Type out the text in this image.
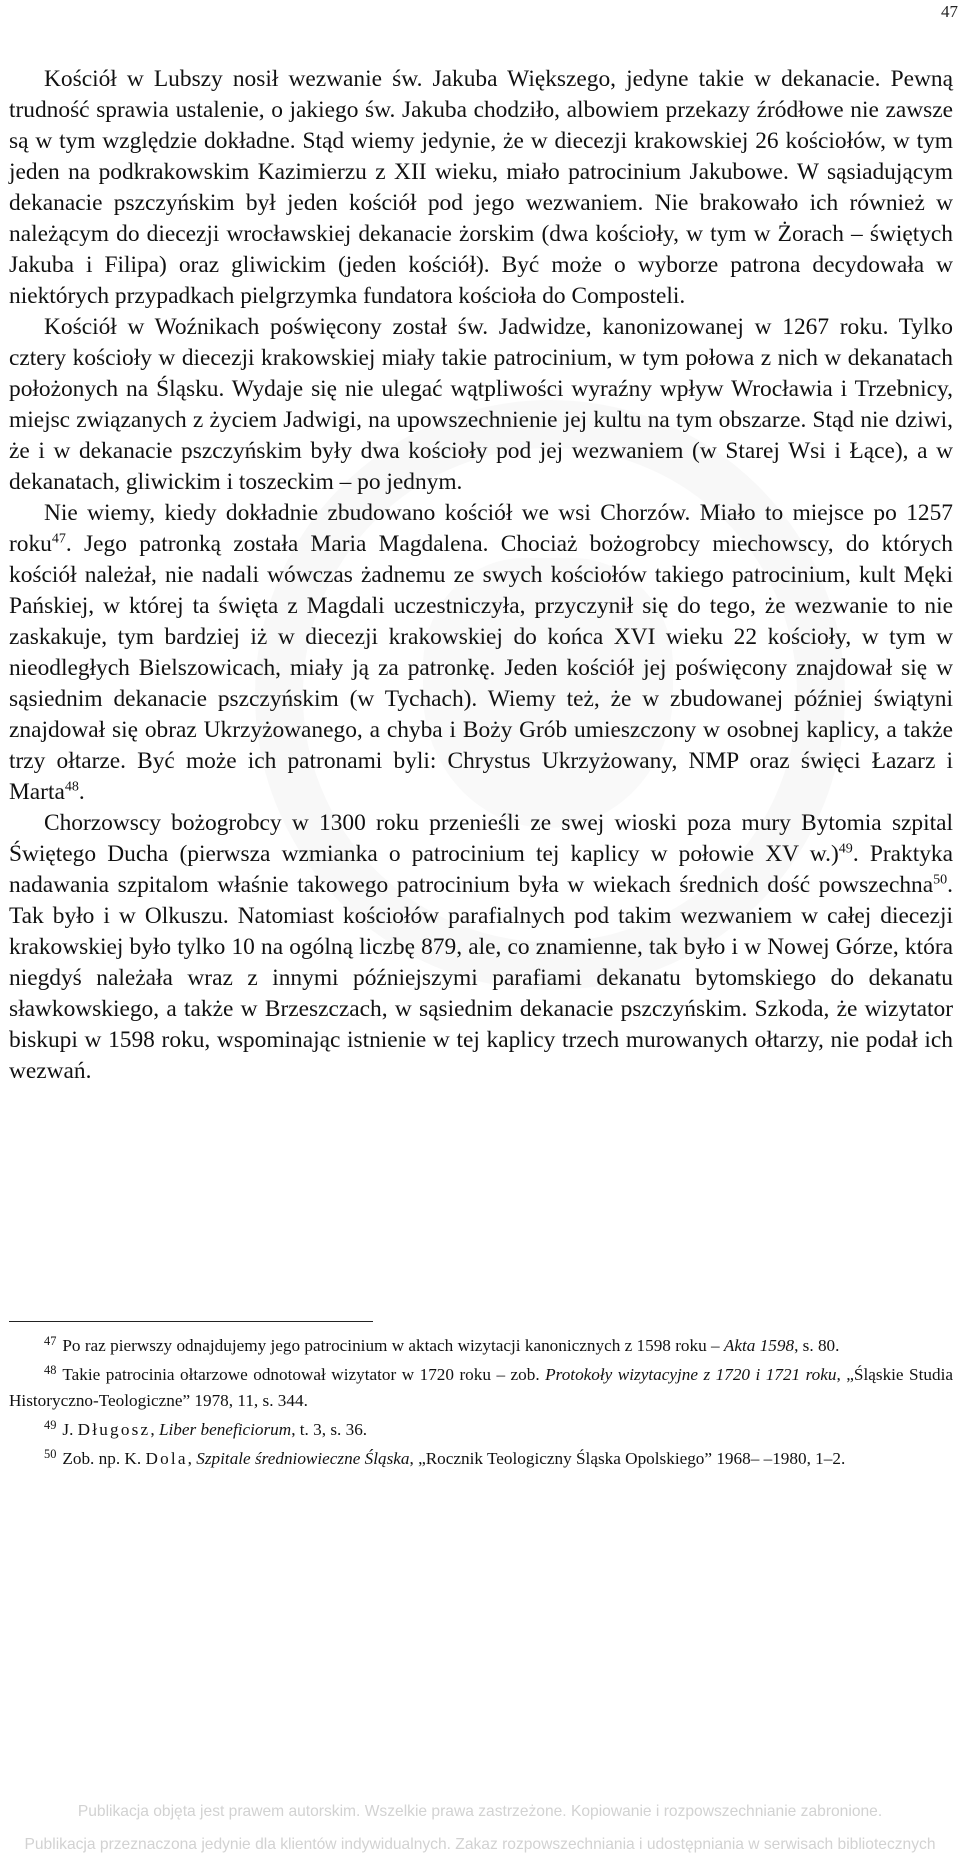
47

Kościół w Lubszy nosił wezwanie św. Jakuba Większego, jedyne takie w dekanacie. Pewną trudność sprawia ustalenie, o jakiego św. Jakuba chodziło, albowiem przekazy źródłowe nie zawsze są w tym względzie dokładne. Stąd wiemy jedynie, że w diecezji krakowskiej 26 kościołów, w tym jeden na podkrakowskim Kazimierzu z XII wieku, miało patrocinium Jakubowe. W sąsiadującym dekanacie pszczyńskim był jeden kościół pod jego wezwaniem. Nie brakowało ich również w należącym do diecezji wrocławskiej dekanacie żorskim (dwa kościoły, w tym w Żorach – świętych Jakuba i Filipa) oraz gliwickim (jeden kościół). Być może o wyborze patrona decydowała w niektórych przypadkach pielgrzymka fundatora kościoła do Composteli.

Kościół w Woźnikach poświęcony został św. Jadwidze, kanonizowanej w 1267 roku. Tylko cztery kościoły w diecezji krakowskiej miały takie patrocinium, w tym połowa z nich w dekanatach położonych na Śląsku. Wydaje się nie ulegać wątpliwości wyraźny wpływ Wrocławia i Trzebnicy, miejsc związanych z życiem Jadwigi, na upowszechnienie jej kultu na tym obszarze. Stąd nie dziwi, że i w dekanacie pszczyńskim były dwa kościoły pod jej wezwaniem (w Starej Wsi i Łące), a w dekanatach, gliwickim i toszeckim – po jednym.

Nie wiemy, kiedy dokładnie zbudowano kościół we wsi Chorzów. Miało to miejsce po 1257 roku$^{47}$. Jego patronką została Maria Magdalena. Chociaż bożogrobcy miechowscy, do których kościół należał, nie nadali wówczas żadnemu ze swych kościołów takiego patrocinium, kult Męki Pańskiej, w której ta święta z Magdali uczestniczyła, przyczynił się do tego, że wezwanie to nie zaskakuje, tym bardziej iż w diecezji krakowskiej do końca XVI wieku 22 kościoły, w tym w nieodległych Bielszowicach, miały ją za patronkę. Jeden kościół jej poświęcony znajdował się w sąsiednim dekanacie pszczyńskim (w Tychach). Wiemy też, że w zbudowanej później świątyni znajdował się obraz Ukrzyżowanego, a chyba i Boży Grób umieszczony w osobnej kaplicy, a także trzy ołtarze. Być może ich patronami byli: Chrystus Ukrzyżowany, NMP oraz święci Łazarz i Marta$^{48}$.

Chorzowscy bożogrobcy w 1300 roku przenieśli ze swej wioski poza mury Bytomia szpital Świętego Ducha (pierwsza wzmianka o patrocinium tej kaplicy w połowie XV w.)$^{49}$. Praktyka nadawania szpitalom właśnie takowego patrocinium była w wiekach średnich dość powszechna$^{50}$. Tak było i w Olkuszu. Natomiast kościołów parafialnych pod takim wezwaniem w całej diecezji krakowskiej było tylko 10 na ogólną liczbę 879, ale, co znamienne, tak było i w Nowej Górze, która niegdyś należała wraz z innymi późniejszymi parafiami dekanatu bytomskiego do dekanatu sławkowskiego, a także w Brzeszczach, w sąsiednim dekanacie pszczyńskim. Szkoda, że wizytator biskupi w 1598 roku, wspominając istnienie w tej kaplicy trzech murowanych ołtarzy, nie podał ich wezwań.

$^{47}$ Po raz pierwszy odnajdujemy jego patrocinium w aktach wizytacji kanonicznych z 1598 roku – Akta 1598, s. 80.

$^{48}$ Takie patrocinia ołtarzowe odnotował wizytator w 1720 roku – zob. Protokoły wizytacyjne z 1720 i 1721 roku, „Śląskie Studia Historyczno-Teologiczne” 1978, 11, s. 344.

$^{49}$ J. Długosz, Liber beneficiorum, t. 3, s. 36.

$^{50}$ Zob. np. K. Dola, Szpitale średniowieczne Śląska, „Rocznik Teologiczny Śląska Opolskiego” 1968– –1980, 1–2.

Publikacja objęta jest prawem autorskim. Wszelkie prawa zastrzeżone. Kopiowanie i rozpowszechnianie zabronione.
Publikacja przeznaczona jedynie dla klientów indywidualnych. Zakaz rozpowszechniania i udostępniania w serwisach bibliotecznych
